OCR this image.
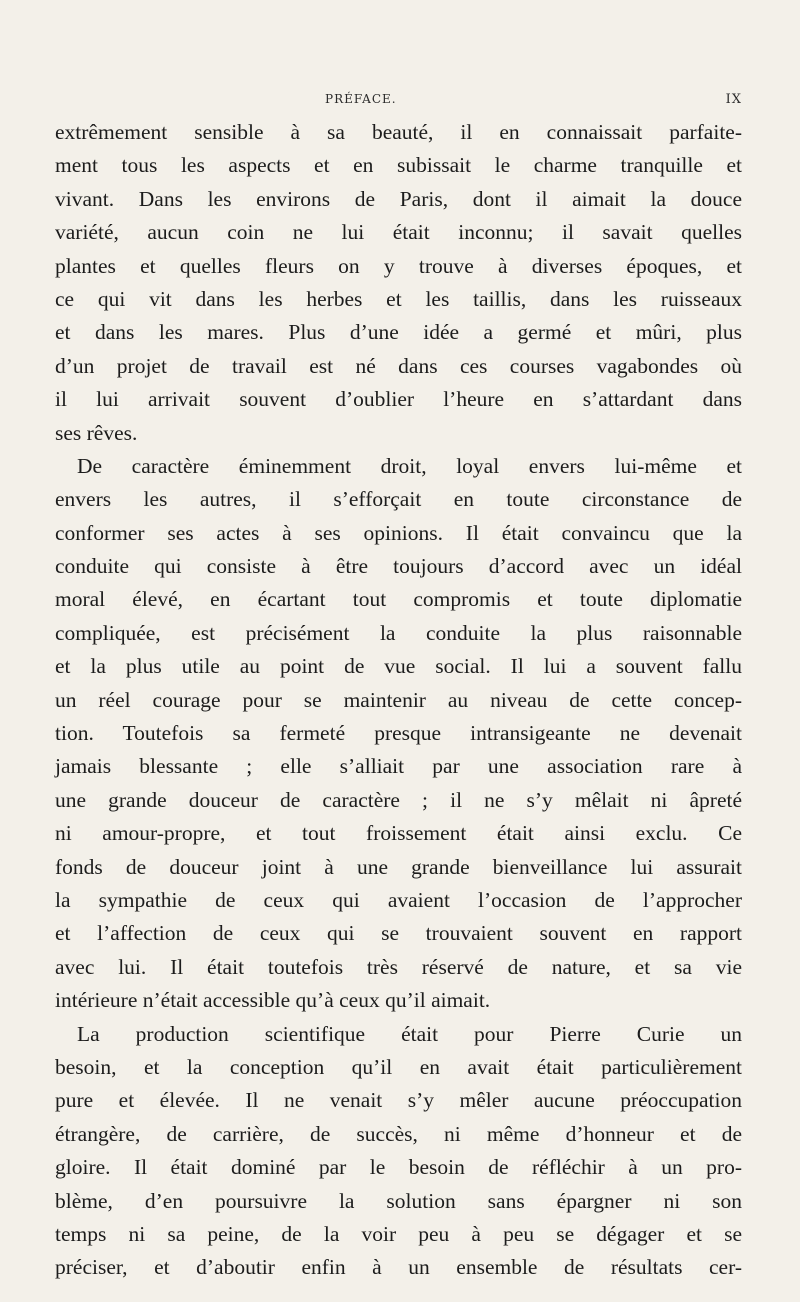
PRÉFACE.	IX
extrêmement sensible à sa beauté, il en connaissait parfaite-
ment tous les aspects et en subissait le charme tranquille et
vivant. Dans les environs de Paris, dont il aimait la douce
variété, aucun coin ne lui était inconnu; il savait quelles
plantes et quelles fleurs on y trouve à diverses époques, et
ce qui vit dans les herbes et les taillis, dans les ruisseaux
et dans les mares. Plus d’une idée a germé et mûri, plus
d’un projet de travail est né dans ces courses vagabondes où
il lui arrivait souvent d’oublier l’heure en s’attardant dans
ses rêves.
De caractère éminemment droit, loyal envers lui-même et
envers les autres, il s’efforçait en toute circonstance de
conformer ses actes à ses opinions. Il était convaincu que la
conduite qui consiste à être toujours d’accord avec un idéal
moral élevé, en écartant tout compromis et toute diplomatie
compliquée, est précisément la conduite la plus raisonnable
et la plus utile au point de vue social. Il lui a souvent fallu
un réel courage pour se maintenir au niveau de cette concep-
tion. Toutefois sa fermeté presque intransigeante ne devenait
jamais blessante ; elle s’alliait par une association rare à
une grande douceur de caractère ; il ne s’y mêlait ni âpreté
ni amour-propre, et tout froissement était ainsi exclu. Ce
fonds de douceur joint à une grande bienveillance lui assurait
la sympathie de ceux qui avaient l’occasion de l’approcher
et l’affection de ceux qui se trouvaient souvent en rapport
avec lui. Il était toutefois très réservé de nature, et sa vie
intérieure n’était accessible qu’à ceux qu’il aimait.
La production scientifique était pour Pierre Curie un
besoin, et la conception qu’il en avait était particulièrement
pure et élevée. Il ne venait s’y mêler aucune préoccupation
étrangère, de carrière, de succès, ni même d’honneur et de
gloire. Il était dominé par le besoin de réfléchir à un pro-
blème, d’en poursuivre la solution sans épargner ni son
temps ni sa peine, de la voir peu à peu se dégager et se
préciser, et d’aboutir enfin à un ensemble de résultats cer-
